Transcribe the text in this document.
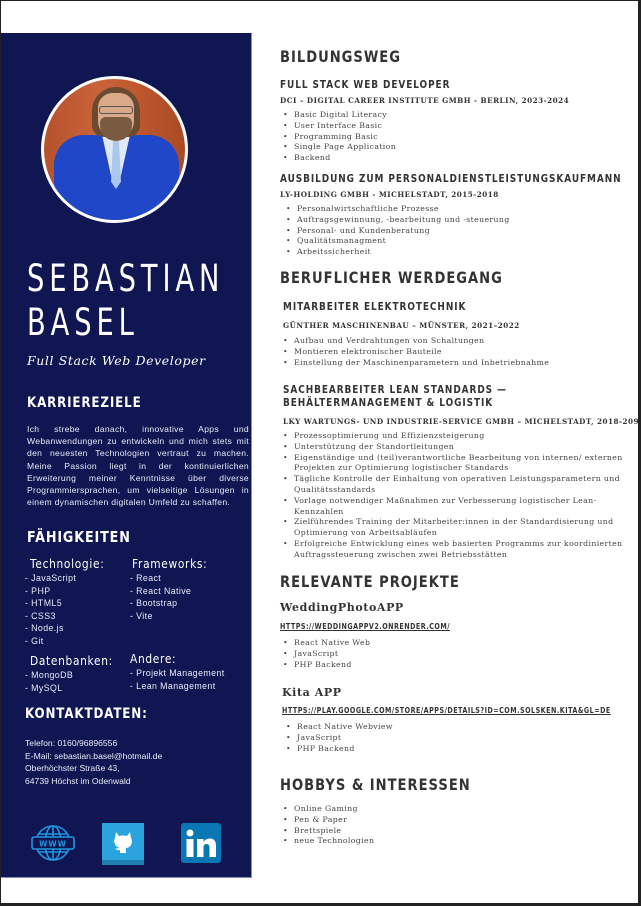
SEBASTIAN
BASEL
Full Stack Web Developer
KARRIEREZIELE

Ich strebe danach, innovative Apps und Webanwendungen zu entwickeln und mich stets mit den neuesten Technologien vertraut zu machen. Meine Passion liegt in der kontinuierlichen Erweiterung meiner Kenntnisse über diverse Programmiersprachen, um vielseitige Lösungen in einem dynamischen digitalen Umfeld zu schaffen.

FÄHIGKEITEN
Technologie:
- JavaScript
- PHP
- HTML5
- CSS3
- Node.js
- Git
Frameworks:
- React
- React Native
- Bootstrap
- Vite
Datenbanken:
- MongoDB
- MySQL
Andere:
- Projekt Management
- Lean Management
KONTAKTDATEN:
Telefon: 0160/96896556
E-Mail: sebastian.basel@hotmail.de
Oberhöchster Straße 43,
64739 Höchst im Odenwald
WWW
BILDUNGSWEG
FULL STACK WEB DEVELOPER
DCI – DIGITAL CAREER INSTITUTE GMBH - BERLIN, 2023-2024
• Basic Digital Literacy
• User Interface Basic
• Programming Basic
• Single Page Application
• Backend
AUSBILDUNG ZUM PERSONALDIENSTLEISTUNGSKAUFMANN
LY-HOLDING GMBH - MICHELSTADT, 2015-2018
• Personalwirtschaftliche Prozesse
• Auftragsgewinnung, -bearbeitung und -steuerung
• Personal- und Kundenberatung
• Qualitätsmanagment
• Arbeitssicherheit
BERUFLICHER WERDEGANG
MITARBEITER ELEKTROTECHNIK
GÜNTHER MASCHINENBAU – MÜNSTER, 2021–2022
• Aufbau und Verdrahtungen von Schaltungen
• Montieren elektronischer Bauteile
• Einstellung der Maschinenparametern und Inbetriebnahme
SACHBEARBEITER LEAN STANDARDS —
BEHÄLTERMANAGEMENT & LOGISTIK
LKY WARTUNGS- UND INDUSTRIE-SERVICE GMBH – MICHELSTADT, 2018-209
• Prozessoptimierung und Effizienzsteigerung
• Unterstützung der Standortleitungen
• Eigenständige und (teil)verantwortliche Bearbeitung von internen/ externen Projekten zur Optimierung logistischer Standards
• Tägliche Kontrolle der Einhaltung von operativen Leistungsparametern und Qualitätsstandards
• Vorlage notwendiger Maßnahmen zur Verbesserung logistischer Lean-Kennzahlen
• Zielführendes Training der Mitarbeiter:innen in der Standardisierung und Optimierung von Arbeitsabläufen
• Erfolgreiche Entwicklung eines web basierten Programms zur koordinierten Auftragssteuerung zwischen zwei Betriebsstätten
RELEVANTE PROJEKTE
WeddingPhotoAPP
HTTPS://WEDDINGAPPV2.ONRENDER.COM/
• React Native Web
• JavaScript
• PHP Backend
Kita APP
HTTPS://PLAY.GOOGLE.COM/STORE/APPS/DETAILS?ID=COM.SOLSKEN.KITA&GL=DE
• React Native Webview
• JavaScript
• PHP Backend
HOBBYS & INTERESSEN
• Online Gaming
• Pen & Paper
• Brettspiele
• neue Technologien
